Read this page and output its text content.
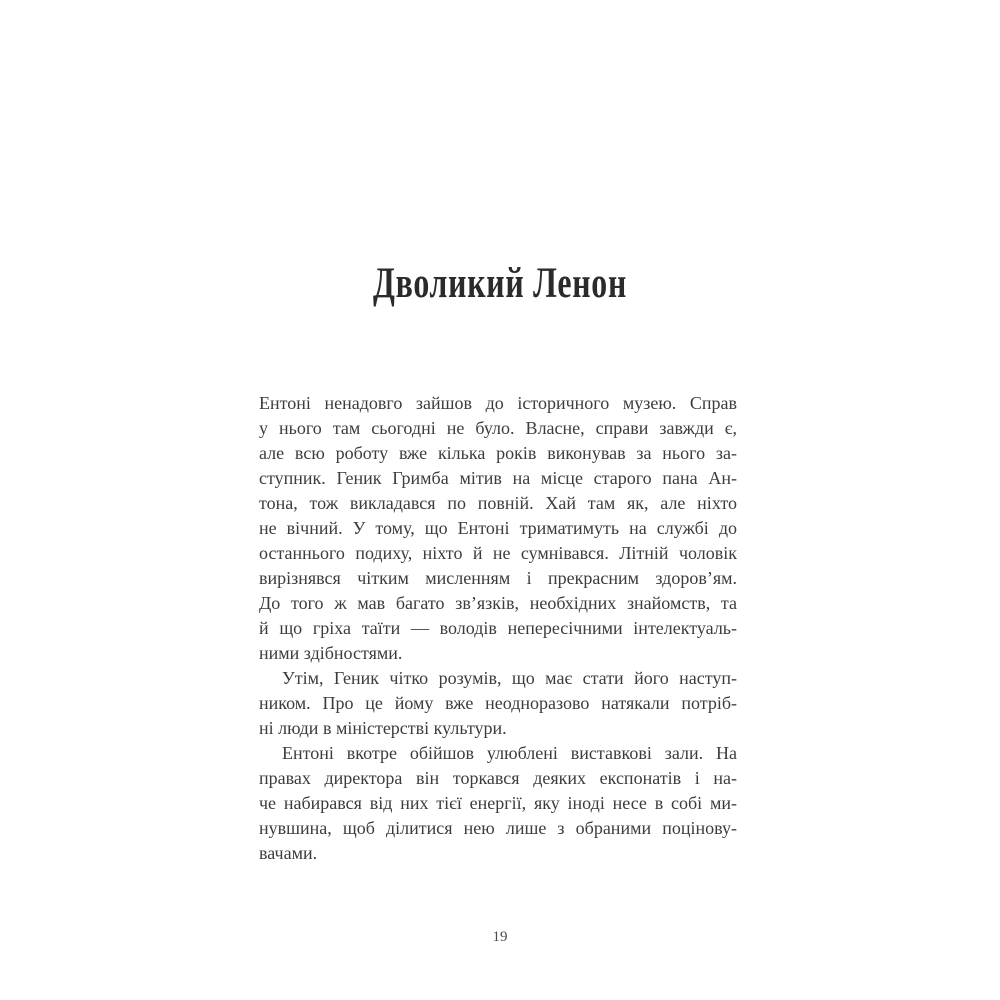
Дволикий Ленон
Ентоні ненадовго зайшов до історичного музею. Справ
у нього там сьогодні не було. Власне, справи завжди є,
але всю роботу вже кілька років виконував за нього за-
ступник. Геник Гримба мітив на місце старого пана Ан-
тона, тож викладався по повній. Хай там як, але ніхто
не вічний. У тому, що Ентоні триматимуть на службі до
останнього подиху, ніхто й не сумнівався. Літній чоловік
вирізнявся чітким мисленням і прекрасним здоров’ям.
До того ж мав багато зв’язків, необхідних знайомств, та
й що гріха таїти — володів непересічними інтелектуаль-
ними здібностями.
Утім, Геник чітко розумів, що має стати його наступ-
ником. Про це йому вже неодноразово натякали потріб-
ні люди в міністерстві культури.
Ентоні вкотре обійшов улюблені виставкові зали. На
правах директора він торкався деяких експонатів і на-
че набирався від них тієї енергії, яку іноді несе в собі ми-
нувшина, щоб ділитися нею лише з обраними поцінову-
вачами.
19
